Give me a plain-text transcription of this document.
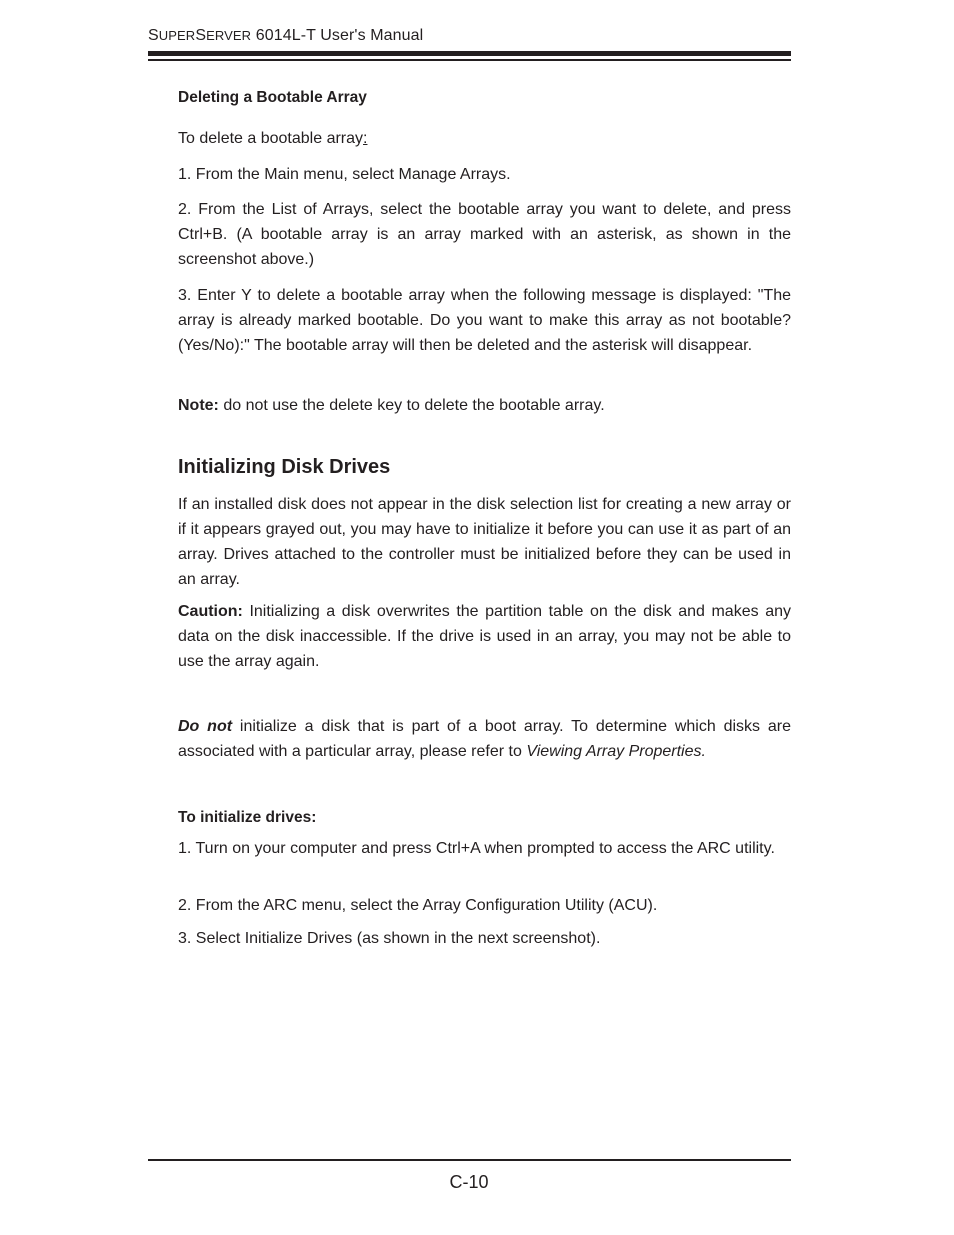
SUPERSERVER 6014L-T User's Manual

Deleting a Bootable Array

To delete a bootable array:

1. From the Main menu, select Manage Arrays.

2. From the List of Arrays, select the bootable array you want to delete, and press Ctrl+B. (A bootable array is an array marked with an asterisk, as shown in the screenshot above.)

3. Enter Y to delete a bootable array when the following message is displayed: "The array is already marked bootable. Do you want to make this array as not bootable? (Yes/No):" The bootable array will then be deleted and the asterisk will disappear.

Note: do not use the delete key to delete the bootable array.

Initializing Disk Drives

If an installed disk does not appear in the disk selection list for creating a new array or if it appears grayed out, you may have to initialize it before you can use it as part of an array. Drives attached to the controller must be initialized before they can be used in an array.

Caution: Initializing a disk overwrites the partition table on the disk and makes any data on the disk inaccessible. If the drive is used in an array, you may not be able to use the array again.

Do not initialize a disk that is part of a boot array. To determine which disks are associated with a particular array, please refer to Viewing Array Properties.

To initialize drives:

1. Turn on your computer and press Ctrl+A when prompted to access the ARC utility.

2. From the ARC menu, select the Array Configuration Utility (ACU).

3. Select Initialize Drives (as shown in the next screenshot).

C-10
